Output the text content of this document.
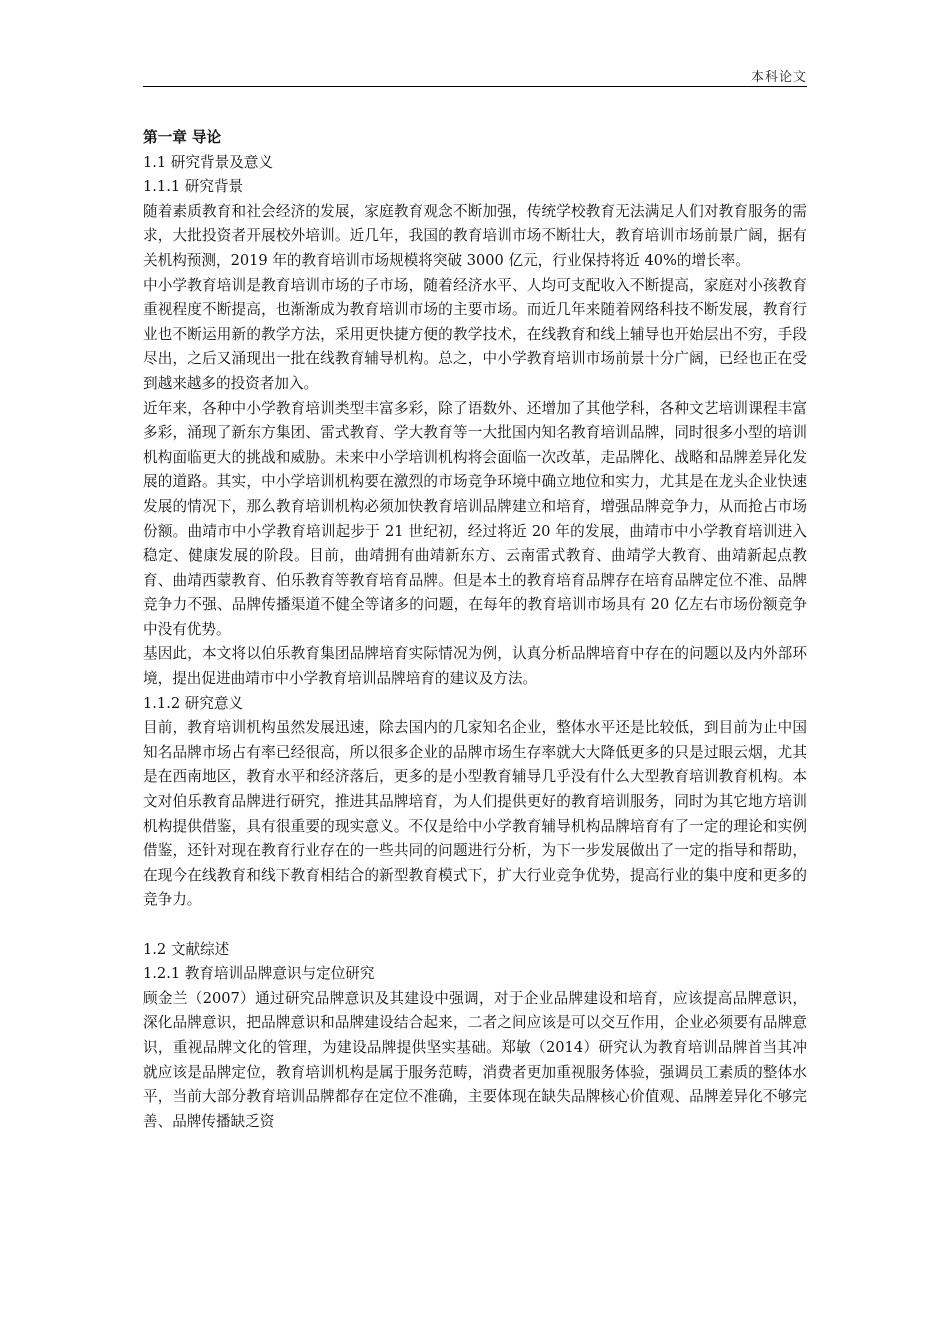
本科论文
第一章 导论
1.1 研究背景及意义
1.1.1 研究背景

随着素质教育和社会经济的发展，家庭教育观念不断加强，传统学校教育无法满足人们对教育服务的需求，大批投资者开展校外培训。近几年，我国的教育培训市场不断壮大，教育培训市场前景广阔，据有关机构预测，2019 年的教育培训市场规模将突破 3000 亿元，行业保持将近 40%的增长率。

中小学教育培训是教育培训市场的子市场，随着经济水平、人均可支配收入不断提高，家庭对小孩教育重视程度不断提高，也渐渐成为教育培训市场的主要市场。而近几年来随着网络科技不断发展，教育行业也不断运用新的教学方法，采用更快捷方便的教学技术，在线教育和线上辅导也开始层出不穷，手段尽出，之后又涌现出一批在线教育辅导机构。总之，中小学教育培训市场前景十分广阔，已经也正在受到越来越多的投资者加入。

近年来，各种中小学教育培训类型丰富多彩，除了语数外、还增加了其他学科，各种文艺培训课程丰富多彩，涌现了新东方集团、雷式教育、学大教育等一大批国内知名教育培训品牌，同时很多小型的培训机构面临更大的挑战和威胁。未来中小学培训机构将会面临一次改革，走品牌化、战略和品牌差异化发展的道路。其实，中小学培训机构要在激烈的市场竞争环境中确立地位和实力，尤其是在龙头企业快速发展的情况下，那么教育培训机构必须加快教育培训品牌建立和培育，增强品牌竞争力，从而抢占市场份额。曲靖市中小学教育培训起步于 21 世纪初，经过将近 20 年的发展，曲靖市中小学教育培训进入稳定、健康发展的阶段。目前，曲靖拥有曲靖新东方、云南雷式教育、曲靖学大教育、曲靖新起点教育、曲靖西蒙教育、伯乐教育等教育培育品牌。但是本土的教育培育品牌存在培育品牌定位不准、品牌竞争力不强、品牌传播渠道不健全等诸多的问题，在每年的教育培训市场具有 20 亿左右市场份额竞争中没有优势。

基因此，本文将以伯乐教育集团品牌培育实际情况为例，认真分析品牌培育中存在的问题以及内外部环境，提出促进曲靖市中小学教育培训品牌培育的建议及方法。

1.1.2 研究意义

目前，教育培训机构虽然发展迅速，除去国内的几家知名企业，整体水平还是比较低，到目前为止中国知名品牌市场占有率已经很高，所以很多企业的品牌市场生存率就大大降低更多的只是过眼云烟，尤其是在西南地区，教育水平和经济落后，更多的是小型教育辅导几乎没有什么大型教育培训教育机构。本文对伯乐教育品牌进行研究，推进其品牌培育，为人们提供更好的教育培训服务，同时为其它地方培训机构提供借鉴，具有很重要的现实意义。不仅是给中小学教育辅导机构品牌培育有了一定的理论和实例借鉴，还针对现在教育行业存在的一些共同的问题进行分析，为下一步发展做出了一定的指导和帮助，在现今在线教育和线下教育相结合的新型教育模式下，扩大行业竞争优势，提高行业的集中度和更多的竞争力。

1.2 文献综述
1.2.1 教育培训品牌意识与定位研究

顾金兰（2007）通过研究品牌意识及其建设中强调，对于企业品牌建设和培育，应该提高品牌意识，深化品牌意识，把品牌意识和品牌建设结合起来，二者之间应该是可以交互作用，企业必须要有品牌意识，重视品牌文化的管理，为建设品牌提供坚实基础。郑敏（2014）研究认为教育培训品牌首当其冲就应该是品牌定位，教育培训机构是属于服务范畴，消费者更加重视服务体验，强调员工素质的整体水平，当前大部分教育培训品牌都存在定位不准确，主要体现在缺失品牌核心价值观、品牌差异化不够完善、品牌传播缺乏资
